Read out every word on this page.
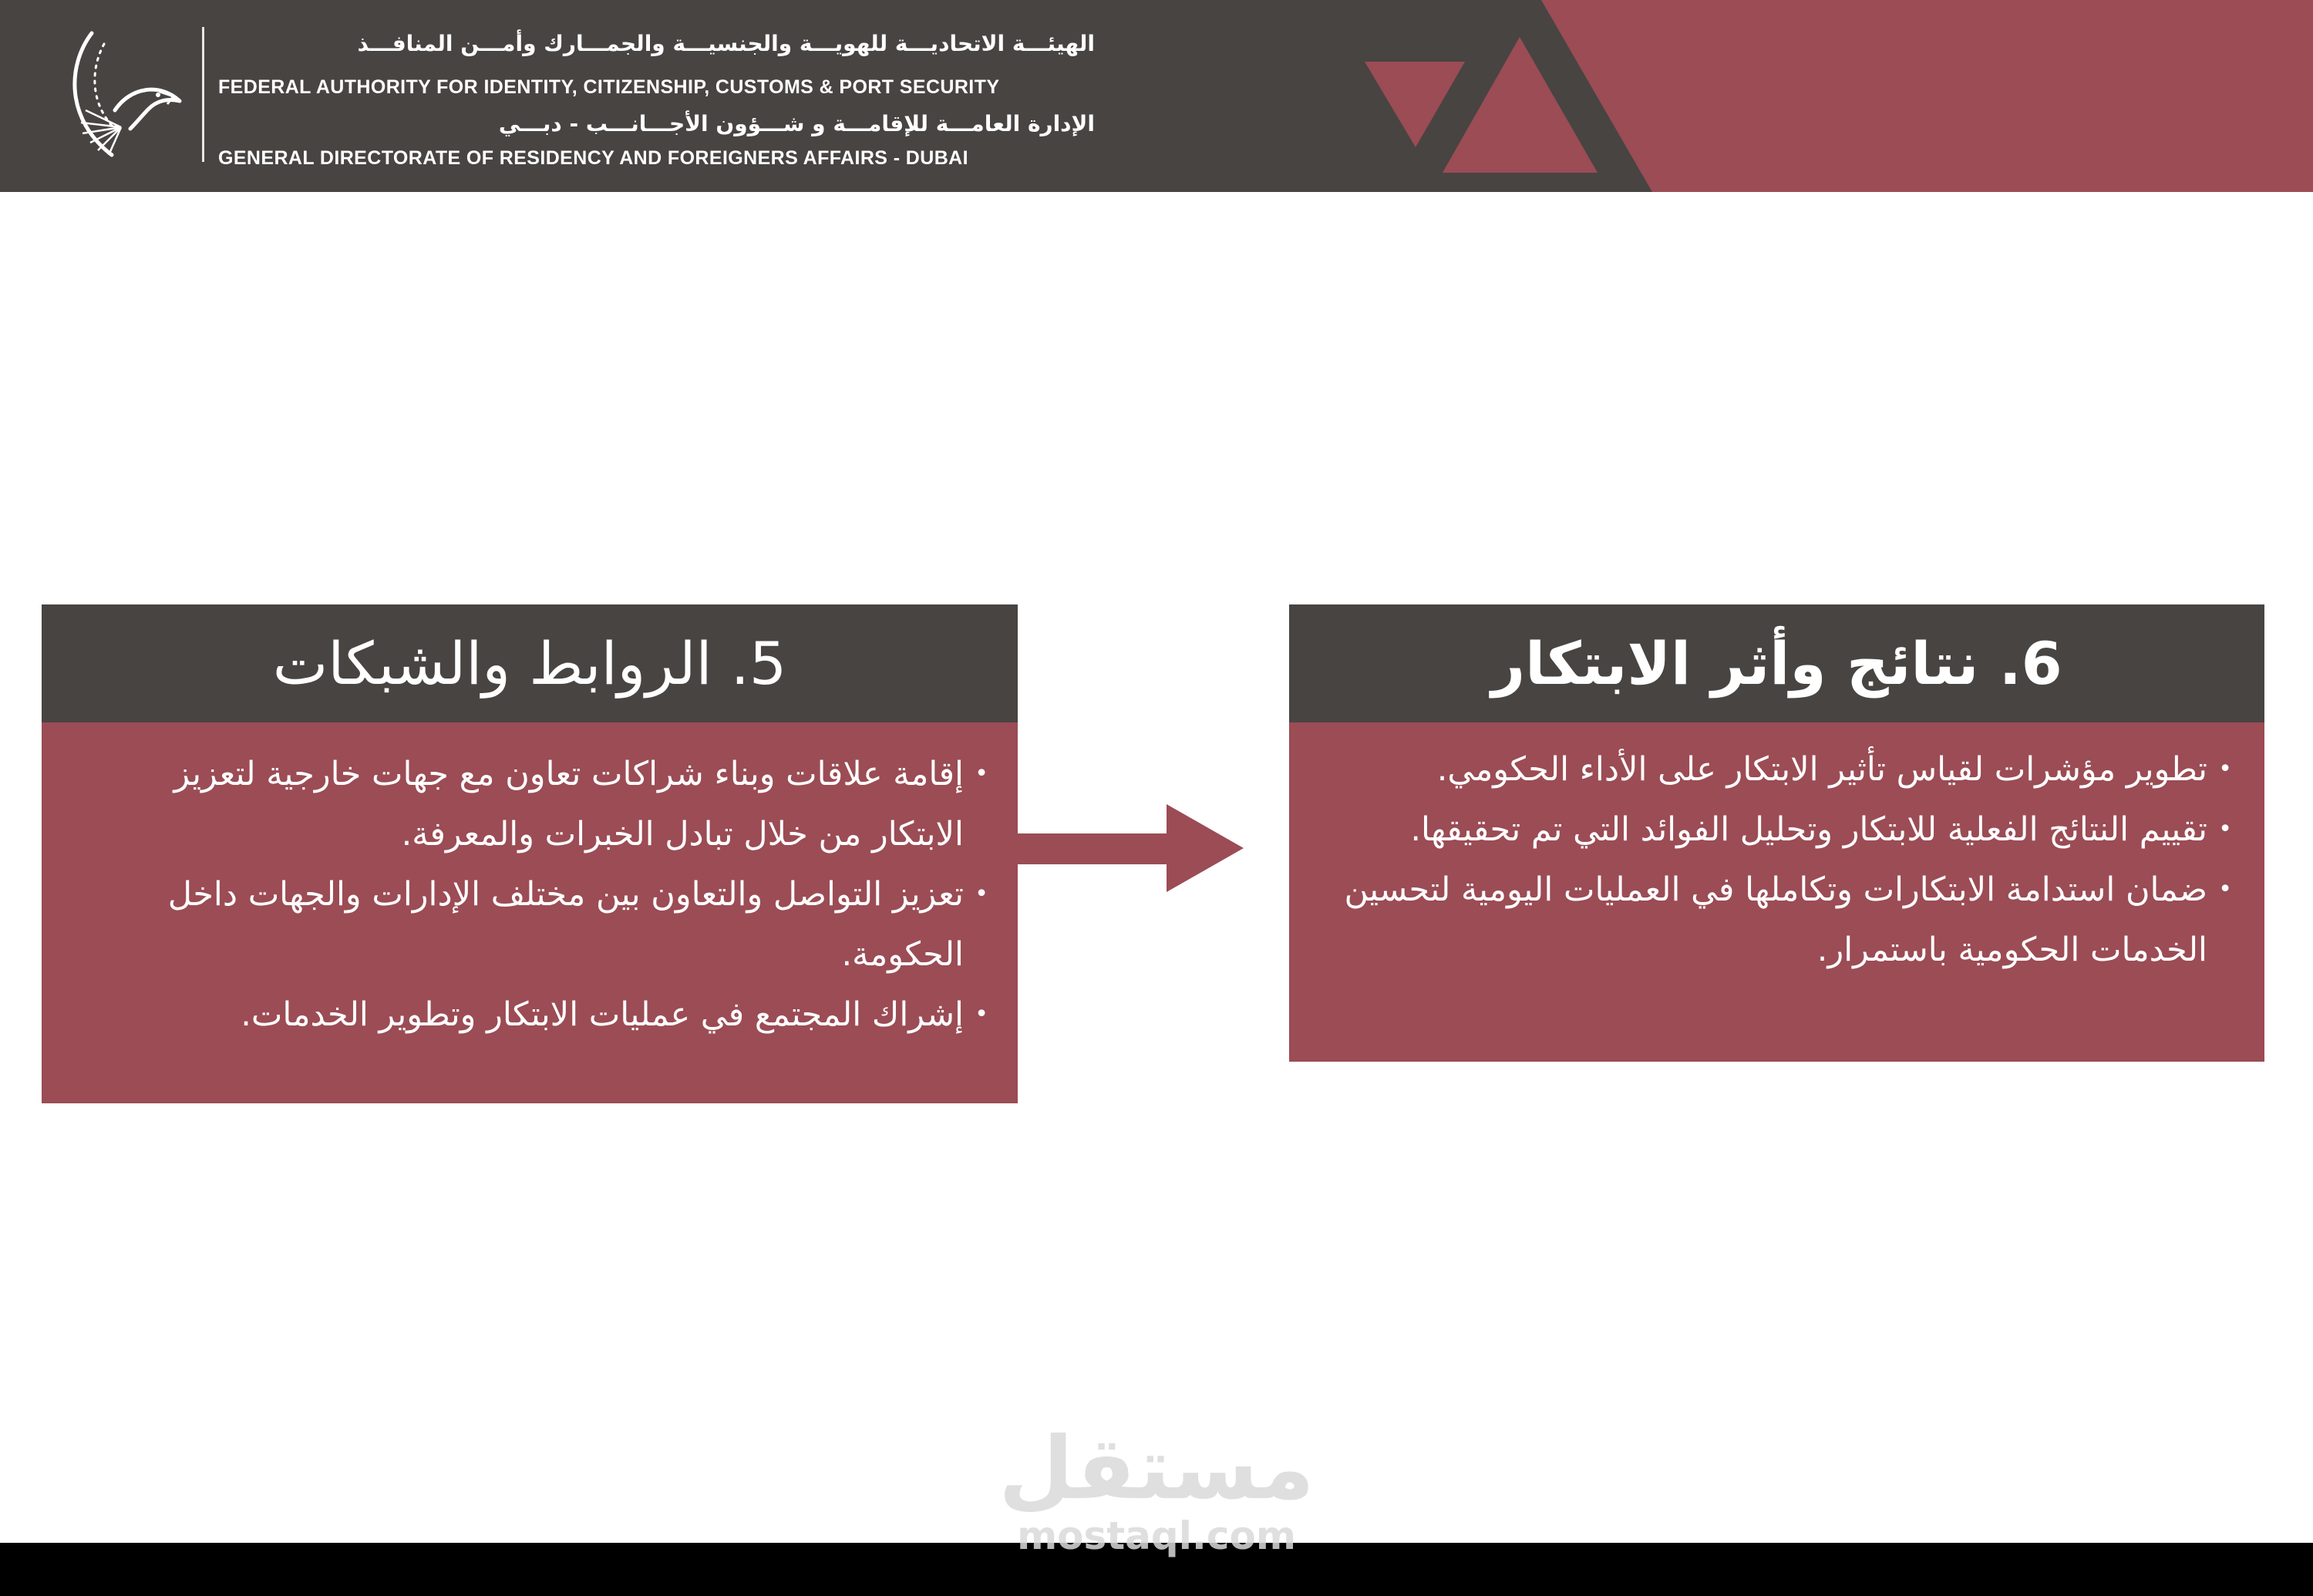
الهيئـــة الاتحاديـــة للهويـــة والجنسيـــة والجمـــارك وأمـــن المنافـــذ
FEDERAL AUTHORITY FOR IDENTITY, CITIZENSHIP, CUSTOMS & PORT SECURITY
الإدارة العامـــة للإقامـــة و شـــؤون الأجـــانـــب - دبـــي
GENERAL DIRECTORATE OF RESIDENCY AND FOREIGNERS AFFAIRS - DUBAI
5. الروابط والشبكات
• إقامة علاقات وبناء شراكات تعاون مع جهات خارجية لتعزيز الابتكار من خلال تبادل الخبرات والمعرفة.
• تعزيز التواصل والتعاون بين مختلف الإدارات والجهات داخل الحكومة.
• إشراك المجتمع في عمليات الابتكار وتطوير الخدمات.
6. نتائج وأثر الابتكار
• تطوير مؤشرات لقياس تأثير الابتكار على الأداء الحكومي.
• تقييم النتائج الفعلية للابتكار وتحليل الفوائد التي تم تحقيقها.
• ضمان استدامة الابتكارات وتكاملها في العمليات اليومية لتحسين الخدمات الحكومية باستمرار.
مستقل
mostaql.com
